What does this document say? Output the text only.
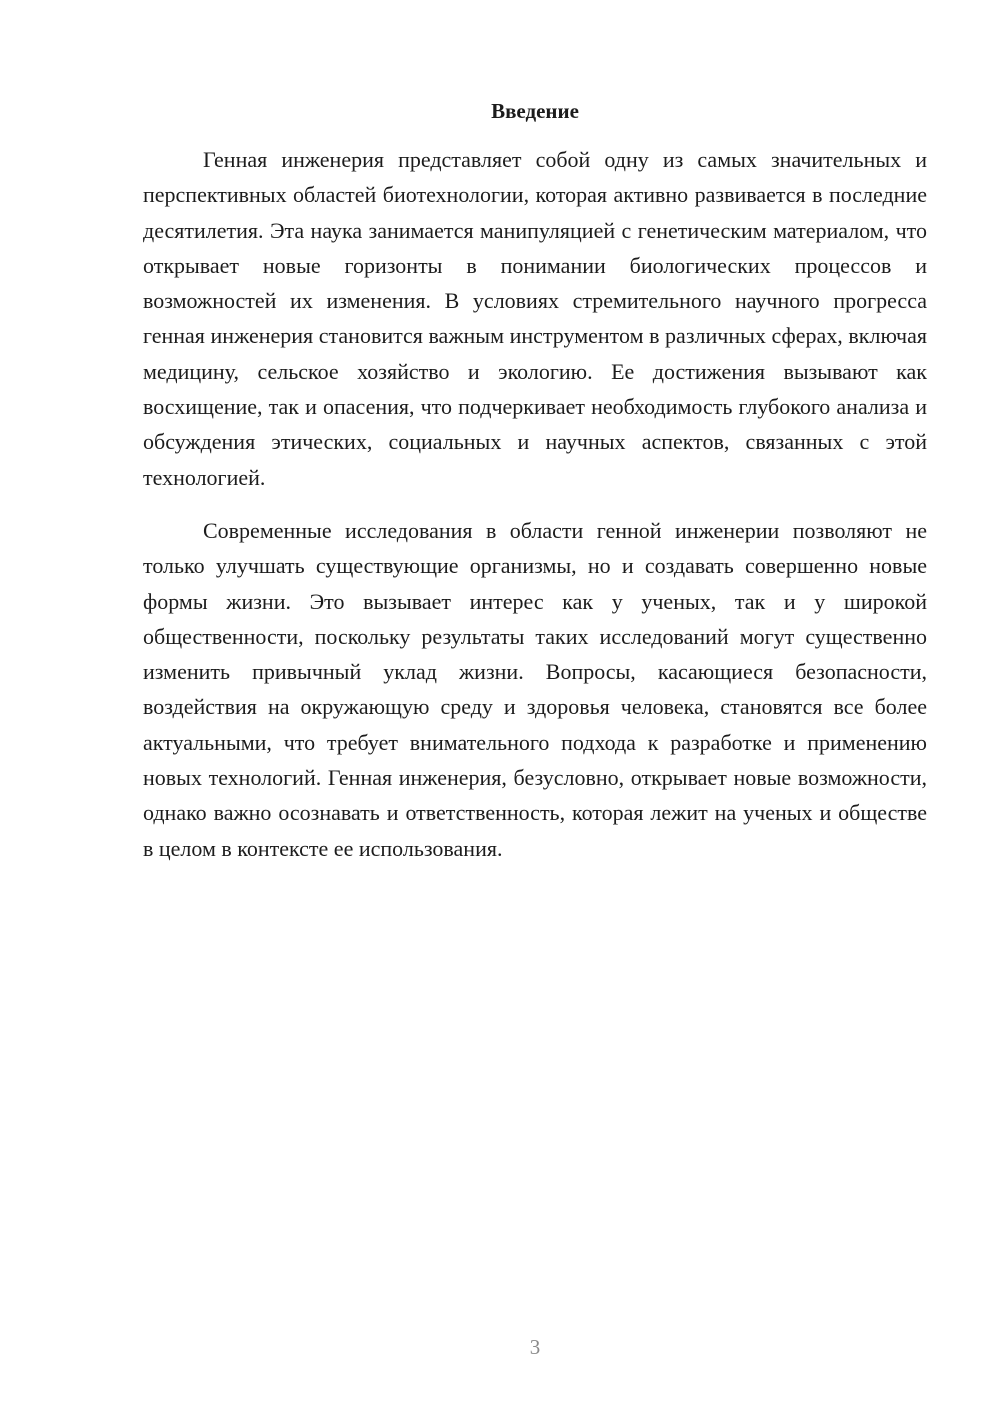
Введение

Генная инженерия представляет собой одну из самых значительных и перспективных областей биотехнологии, которая активно развивается в последние десятилетия. Эта наука занимается манипуляцией с генетическим материалом, что открывает новые горизонты в понимании биологических процессов и возможностей их изменения. В условиях стремительного научного прогресса генная инженерия становится важным инструментом в различных сферах, включая медицину, сельское хозяйство и экологию. Ее достижения вызывают как восхищение, так и опасения, что подчеркивает необходимость глубокого анализа и обсуждения этических, социальных и научных аспектов, связанных с этой технологией.

Современные исследования в области генной инженерии позволяют не только улучшать существующие организмы, но и создавать совершенно новые формы жизни. Это вызывает интерес как у ученых, так и у широкой общественности, поскольку результаты таких исследований могут существенно изменить привычный уклад жизни. Вопросы, касающиеся безопасности, воздействия на окружающую среду и здоровья человека, становятся все более актуальными, что требует внимательного подхода к разработке и применению новых технологий. Генная инженерия, безусловно, открывает новые возможности, однако важно осознавать и ответственность, которая лежит на ученых и обществе в целом в контексте ее использования.

3
